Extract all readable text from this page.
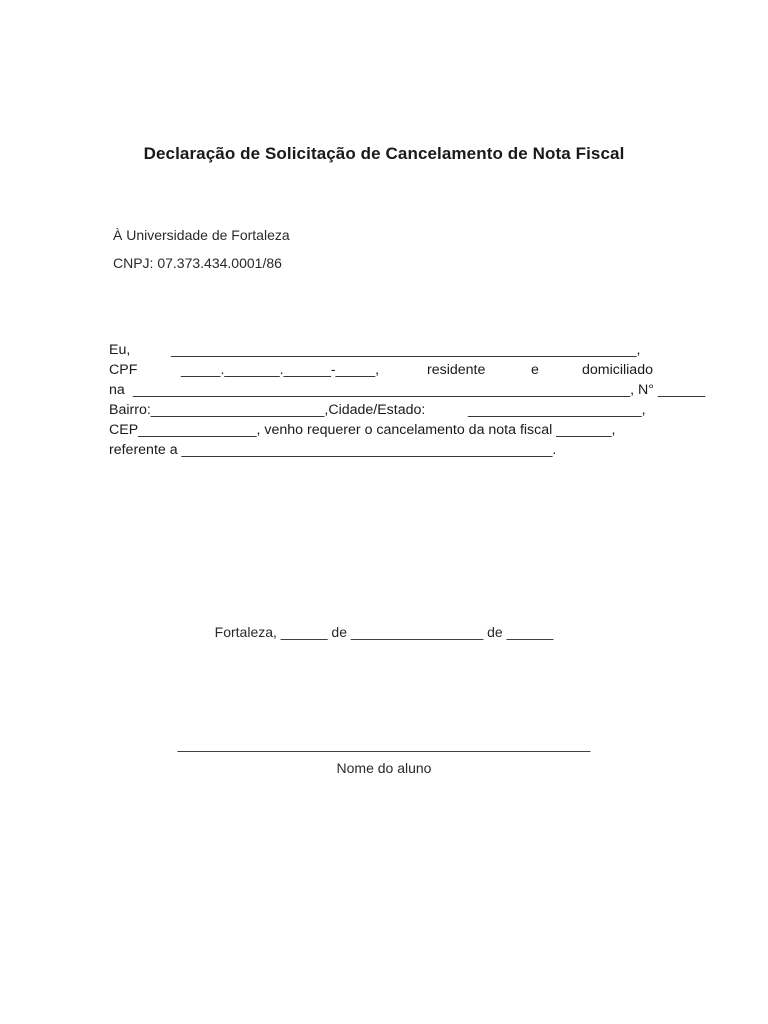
Declaração de Solicitação de Cancelamento de Nota Fiscal
À Universidade de Fortaleza
CNPJ: 07.373.434.0001/86

Eu,

	___________________________________________________________,

CPF

	_____._______.______-_____,

	residente

	e

	domiciliado

na

_______________________________________________________________, N° ______

Bairro:______________________,Cidade/Estado:

	______________________,

CEP_______________, venho requerer o cancelamento da nota fiscal _______,

referente a _______________________________________________.

Fortaleza, ______ de _________________ de ______
_____________________________________________________
Nome do aluno
